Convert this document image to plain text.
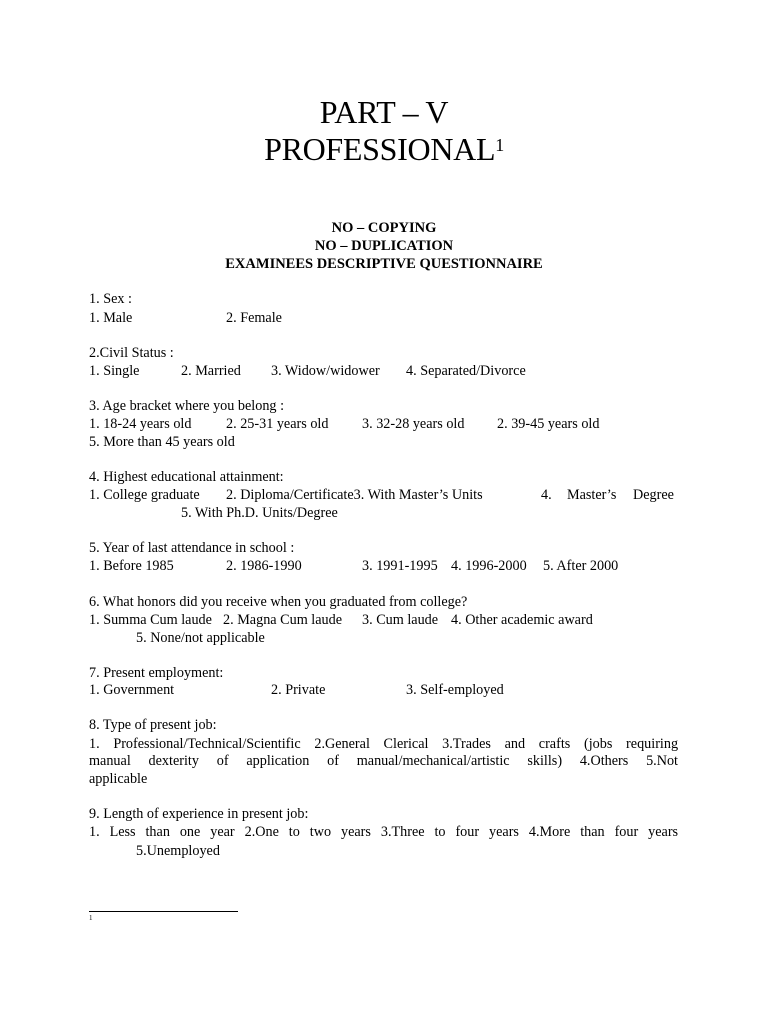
PART – V
PROFESSIONAL$^1$
NO – COPYING
NO – DUPLICATION
EXAMINEES DESCRIPTIVE QUESTIONNAIRE
1. Sex :
1. Male	2. Female
2.Civil Status :
1. Single	2. Married 3. Widow/widower 4. Separated/Divorce
3. Age bracket where you belong :
1. 18-24 years old 2. 25-31 years old 3. 32-28 years old 2. 39-45 years old
5. More than 45 years old
4. Highest educational attainment:
1. College graduate 2. Diploma/Certificate3. With Master’s Units	4. Master’s Degree
5. With Ph.D. Units/Degree
5. Year of last attendance in school :
1. Before 1985	2. 1986-1990	3. 1991-1995 4. 1996-2000 5. After 2000
6. What honors did you receive when you graduated from college?
1. Summa Cum laude 2. Magna Cum laude 3. Cum laude 4. Other academic award
5. None/not applicable
7. Present employment:
1. Government	2. Private	3. Self-employed
8. Type of present job:
1. Professional/Technical/Scientific 2.General Clerical 3.Trades and crafts (jobs requiring
manual dexterity of application of manual/mechanical/artistic skills) 4.Others 5.Not
applicable
9. Length of experience in present job:
1. Less than one year 2.One to two years 3.Three to four years 4.More than four years
5.Unemployed
1
